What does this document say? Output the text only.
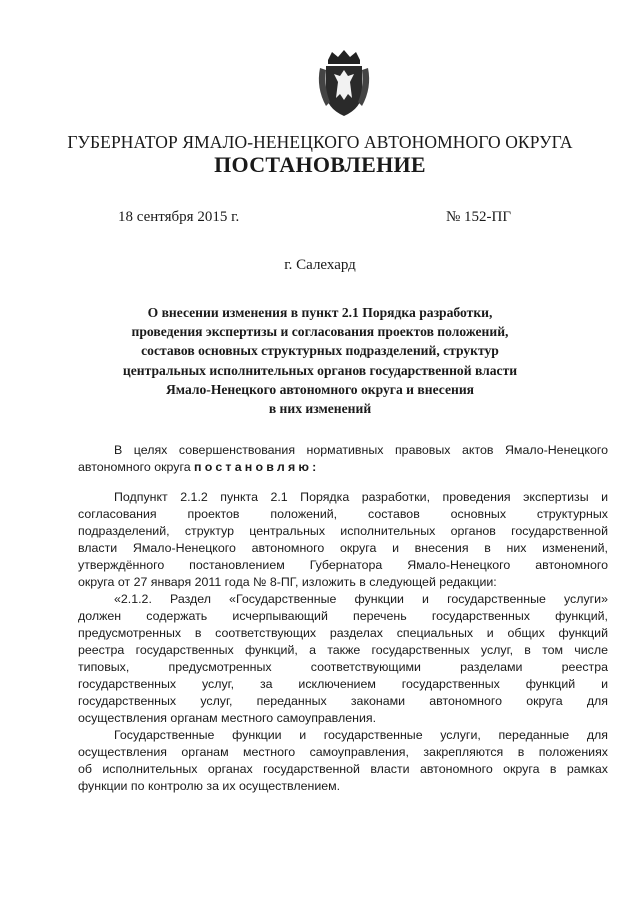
ГУБЕРНАТОР ЯМАЛО-НЕНЕЦКОГО АВТОНОМНОГО ОКРУГА
ПОСТАНОВЛЕНИЕ
18 сентября 2015 г.	№ 152-ПГ
г. Салехард
О внесении изменения в пункт 2.1 Порядка разработки,
проведения экспертизы и согласования проектов положений,
составов основных структурных подразделений, структур
центральных исполнительных органов государственной власти
Ямало-Ненецкого автономного округа и внесения
в них изменений
В целях совершенствования нормативных правовых актов Ямало-Ненецкого
автономного округа постановляю:
Подпункт 2.1.2 пункта 2.1 Порядка разработки, проведения экспертизы и
согласования проектов положений, составов основных структурных
подразделений, структур центральных исполнительных органов государственной
власти Ямало-Ненецкого автономного округа и внесения в них изменений,
утверждённого постановлением Губернатора Ямало-Ненецкого автономного
округа от 27 января 2011 года № 8-ПГ, изложить в следующей редакции:
«2.1.2. Раздел «Государственные функции и государственные услуги»
должен содержать исчерпывающий перечень государственных функций,
предусмотренных в соответствующих разделах специальных и общих функций
реестра государственных функций, а также государственных услуг, в том числе
типовых, предусмотренных соответствующими разделами реестра
государственных услуг, за исключением государственных функций и
государственных услуг, переданных законами автономного округа для
осуществления органам местного самоуправления.
Государственные функции и государственные услуги, переданные для
осуществления органам местного самоуправления, закрепляются в положениях
об исполнительных органах государственной власти автономного округа в рамках
функции по контролю за их осуществлением.
